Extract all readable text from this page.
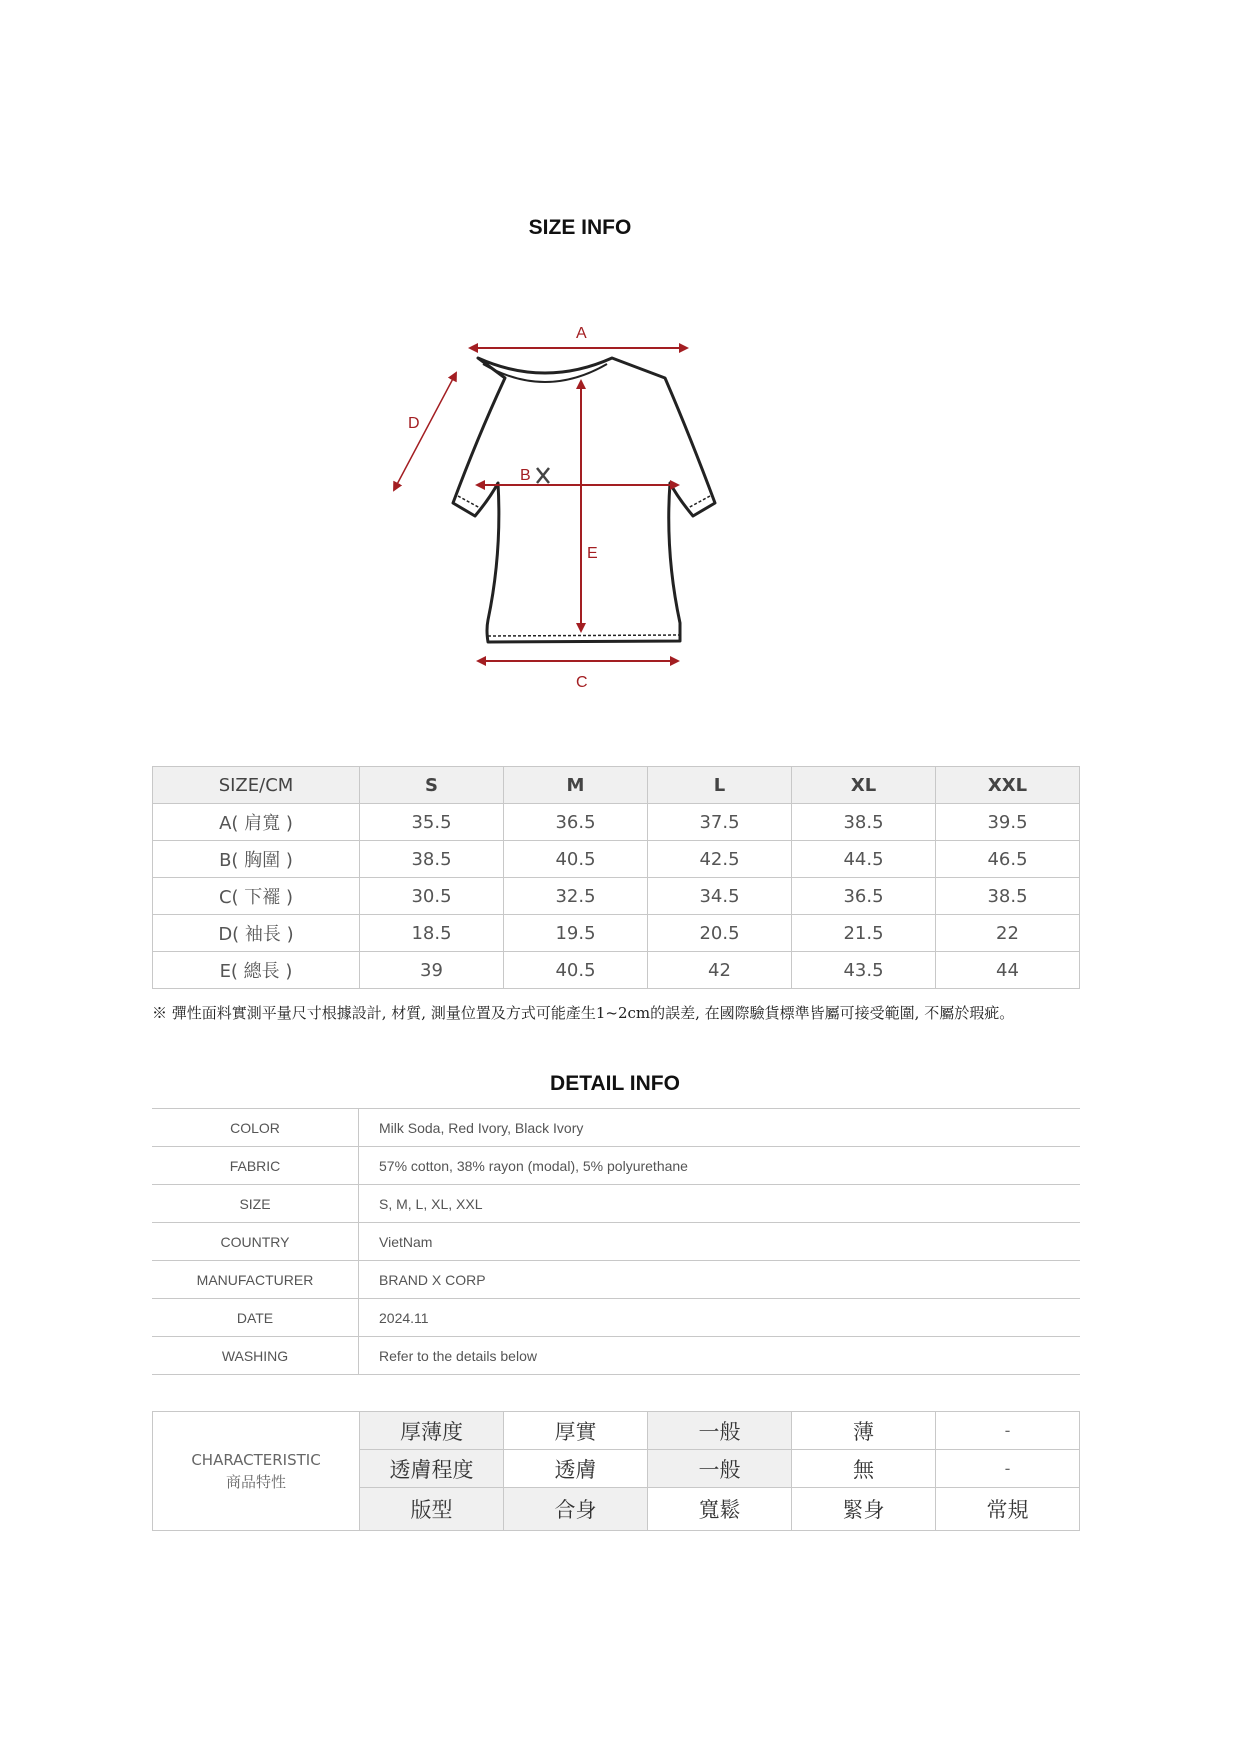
SIZE INFO
A
B
C
D
E
SIZE/CM	S	M	L	XL	XXL
A( 肩寬 )	35.5	36.5	37.5	38.5	39.5
B( 胸圍 )	38.5	40.5	42.5	44.5	46.5
C( 下襬 )	30.5	32.5	34.5	36.5	38.5
D( 袖長 )	18.5	19.5	20.5	21.5	22
E( 總長 )	39	40.5	42	43.5	44
※ 彈性面料實測平量尺寸根據設計, 材質, 測量位置及方式可能產生1~2cm的誤差, 在國際驗貨標準皆屬可接受範圍, 不屬於瑕疵。
DETAIL INFO
COLOR	Milk Soda, Red Ivory, Black Ivory
FABRIC	57% cotton, 38% rayon (modal), 5% polyurethane
SIZE	S, M, L, XL, XXL
COUNTRY	VietNam
MANUFACTURER	BRAND X CORP
DATE	2024.11
WASHING	Refer to the details below
CHARACTERISTIC
商品特性	厚薄度	厚實	一般	薄	-
	透膚程度	透膚	一般	無	-
	版型	合身	寬鬆	緊身	常規
